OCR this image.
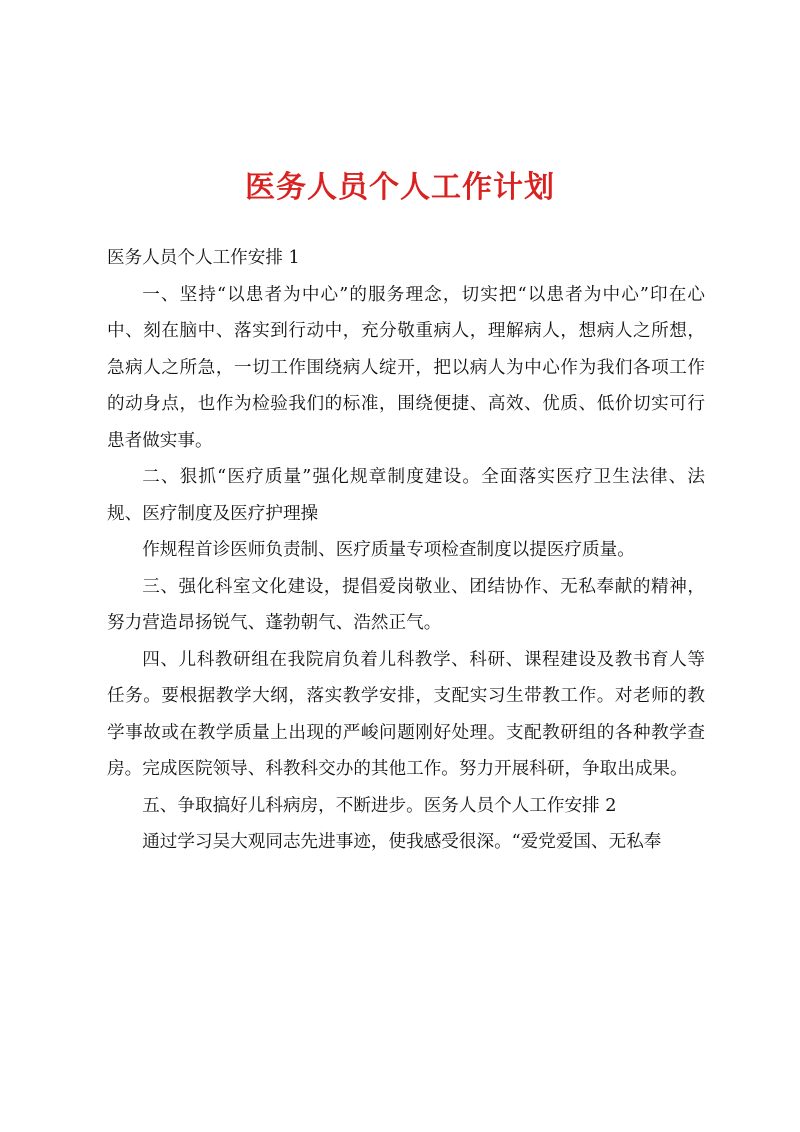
医务人员个人工作计划

医务人员个人工作安排 1

一、坚持“以患者为中心”的服务理念，切实把“以患者为中心”印在心中、刻在脑中、落实到行动中，充分敬重病人，理解病人，想病人之所想，急病人之所急，一切工作围绕病人绽开，把以病人为中心作为我们各项工作的动身点，也作为检验我们的标准，围绕便捷、高效、优质、低价切实可行患者做实事。

二、狠抓“医疗质量”强化规章制度建设。全面落实医疗卫生法律、法规、医疗制度及医疗护理操

作规程首诊医师负责制、医疗质量专项检查制度以提医疗质量。

三、强化科室文化建设，提倡爱岗敬业、团结协作、无私奉献的精神，努力营造昂扬锐气、蓬勃朝气、浩然正气。

四、儿科教研组在我院肩负着儿科教学、科研、课程建设及教书育人等任务。要根据教学大纲，落实教学安排，支配实习生带教工作。对老师的教学事故或在教学质量上出现的严峻问题刚好处理。支配教研组的各种教学查房。完成医院领导、科教科交办的其他工作。努力开展科研，争取出成果。

五、争取搞好儿科病房，不断进步。医务人员个人工作安排 2

通过学习吴大观同志先进事迹，使我感受很深。“爱党爱国、无私奉
